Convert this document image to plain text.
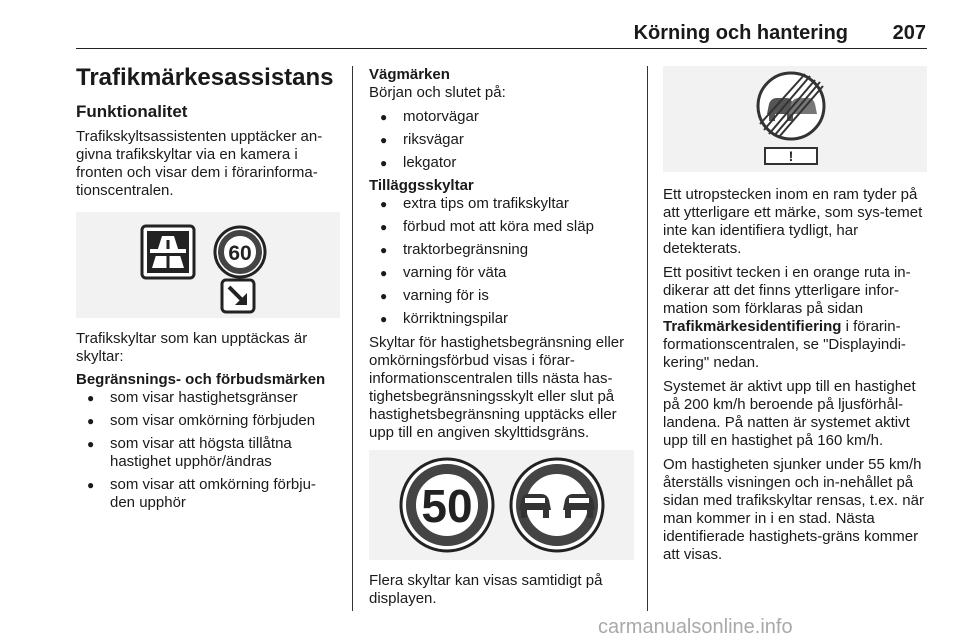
Körning och hantering	207
Trafikmärkesassistans
Funktionalitet

Trafikskyltsassistenten upptäcker an-givna trafikskyltar via en kamera i fronten och visar dem i förarinforma-tionscentralen.

60

Trafikskyltar som kan upptäckas är skyltar:

Begränsnings- och förbudsmärken
● som visar hastighetsgränser
● som visar omkörning förbjuden
● som visar att högsta tillåtna hastighet upphör/ändras
● som visar att omkörning förbju-den upphör
Vägmärken

Början och slutet på:

● motorvägar
● riksvägar
● lekgator
Tilläggsskyltar
● extra tips om trafikskyltar
● förbud mot att köra med släp
● traktorbegränsning
● varning för väta
● varning för is
● körriktningspilar

Skyltar för hastighetsbegränsning eller omkörningsförbud visas i förar-informationscentralen tills nästa has-tighetsbegränsningsskylt eller slut på hastighetsbegränsning upptäcks eller upp till en angiven skylttidsgräns.

50

Flera skyltar kan visas samtidigt på displayen.

!

Ett utropstecken inom en ram tyder på att ytterligare ett märke, som sys-temet inte kan identifiera tydligt, har detekterats.

Ett positivt tecken i en orange ruta in-dikerar att det finns ytterligare infor-mation som förklaras på sidan Trafikmärkesidentifiering i förarin-formationscentralen, se "Displayindi-kering" nedan.

Systemet är aktivt upp till en hastighet på 200 km/h beroende på ljusförhål-landena. På natten är systemet aktivt upp till en hastighet på 160 km/h.

Om hastigheten sjunker under 55 km/h återställs visningen och in-nehållet på sidan med trafikskyltar rensas, t.ex. när man kommer in i en stad. Nästa identifierade hastighets-gräns kommer att visas.

carmanualsonline.info
